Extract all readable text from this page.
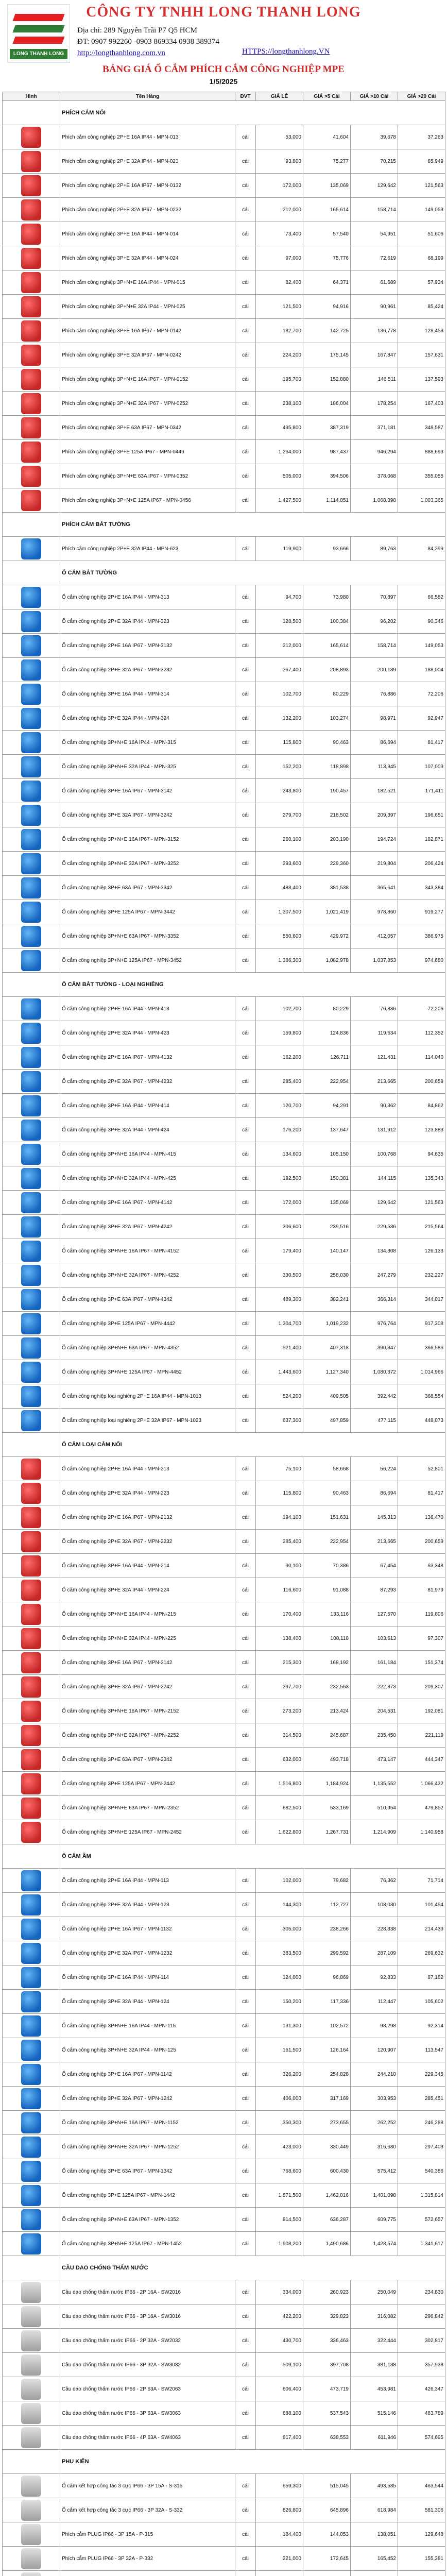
LONG THANH LONG
CÔNG TY TNHH LONG THANH LONG
Địa chỉ: 289 Nguyễn Trãi P7 Q5 HCM
ĐT: 0907 992260 -0903 869334 0938 389374
http://longthanhlong.com.vn	HTTPS://longthanhlong.VN
BẢNG GIÁ Ổ CẮM PHÍCH CẮM CÔNG NGHIỆP MPE
1/5/2025
Hình	Tên Hàng	ĐVT	GIÁ LẺ	GIÁ >5 Cái	GIÁ >10 Cái	GIÁ >20 Cái
	PHÍCH CẮM NỔI					

	Phích cắm công nghiệp 2P+E 16A IP44 - MPN-013	cái	53,000	41,604	39,678	37,263

	Phích cắm công nghiệp 2P+E 32A IP44 - MPN-023	cái	93,800	75,277	70,215	65,949

	Phích cắm công nghiệp 2P+E 16A IP67 - MPN-0132	cái	172,000	135,069	129,642	121,563

	Phích cắm công nghiệp 2P+E 32A IP67 - MPN-0232	cái	212,000	165,614	158,714	149,053

	Phích cắm công nghiệp 3P+E 16A IP44 - MPN-014	cái	73,400	57,540	54,951	51,606

	Phích cắm công nghiệp 3P+E 32A IP44 - MPN-024	cái	97,000	75,776	72,619	68,199

	Phích cắm công nghiệp 3P+N+E 16A IP44 - MPN-015	cái	82,400	64,371	61,689	57,934

	Phích cắm công nghiệp 3P+N+E 32A IP44 - MPN-025	cái	121,500	94,916	90,961	85,424

	Phích cắm công nghiệp 3P+E 16A IP67 - MPN-0142	cái	182,700	142,725	136,778	128,453

	Phích cắm công nghiệp 3P+E 32A IP67 - MPN-0242	cái	224,200	175,145	167,847	157,631

	Phích cắm công nghiệp 3P+N+E 16A IP67 - MPN-0152	cái	195,700	152,880	146,511	137,593

	Phích cắm công nghiệp 3P+N+E 32A IP67 - MPN-0252	cái	238,100	186,004	178,254	167,403

	Phích cắm công nghiệp 3P+E 63A IP67 - MPN-0342	cái	495,800	387,319	371,181	348,587

	Phích cắm công nghiệp 3P+E 125A IP67 - MPN-0446	cái	1,264,000	987,437	946,294	888,693

	Phích cắm công nghiệp 3P+N+E 63A IP67 - MPN-0352	cái	505,000	394,506	378,068	355,055

	Phích cắm công nghiệp 3P+N+E 125A IP67 - MPN-0456	cái	1,427,500	1,114,851	1,068,398	1,003,365
	PHÍCH CẮM BẮT TƯỜNG					

	Phích cắm công nghiệp 2P+E 32A IP44 - MPN-623	cái	119,900	93,666	89,763	84,299
	Ổ CẮM BẮT TƯỜNG					

	Ổ cắm công nghiệp 2P+E 16A IP44 - MPN-313	cái	94,700	73,980	70,897	66,582

	Ổ cắm công nghiệp 2P+E 32A IP44 - MPN-323	cái	128,500	100,384	96,202	90,346

	Ổ cắm công nghiệp 2P+E 16A IP67 - MPN-3132	cái	212,000	165,614	158,714	149,053

	Ổ cắm công nghiệp 2P+E 32A IP67 - MPN-3232	cái	267,400	208,893	200,189	188,004

	Ổ cắm công nghiệp 3P+E 16A IP44 - MPN-314	cái	102,700	80,229	76,886	72,206

	Ổ cắm công nghiệp 3P+E 32A IP44 - MPN-324	cái	132,200	103,274	98,971	92,947

	Ổ cắm công nghiệp 3P+N+E 16A IP44 - MPN-315	cái	115,800	90,463	86,694	81,417

	Ổ cắm công nghiệp 3P+N+E 32A IP44 - MPN-325	cái	152,200	118,898	113,945	107,009

	Ổ cắm công nghiệp 3P+E 16A IP67 - MPN-3142	cái	243,800	190,457	182,521	171,411

	Ổ cắm công nghiệp 3P+E 32A IP67 - MPN-3242	cái	279,700	218,502	209,397	196,651

	Ổ cắm công nghiệp 3P+N+E 16A IP67 - MPN-3152	cái	260,100	203,190	194,724	182,871

	Ổ cắm công nghiệp 3P+N+E 32A IP67 - MPN-3252	cái	293,600	229,360	219,804	206,424

	Ổ cắm công nghiệp 3P+E 63A IP67 - MPN-3342	cái	488,400	381,538	365,641	343,384

	Ổ cắm công nghiệp 3P+E 125A IP67 - MPN-3442	cái	1,307,500	1,021,419	978,860	919,277

	Ổ cắm công nghiệp 3P+N+E 63A IP67 - MPN-3352	cái	550,600	429,972	412,057	386,975

	Ổ cắm công nghiệp 3P+N+E 125A IP67 - MPN-3452	cái	1,386,300	1,082,978	1,037,853	974,680
	Ổ CẮM BẮT TƯỜNG - LOẠI NGHIÊNG					

	Ổ cắm công nghiệp 2P+E 16A IP44 - MPN-413	cái	102,700	80,229	76,886	72,206

	Ổ cắm công nghiệp 2P+E 32A IP44 - MPN-423	cái	159,800	124,836	119,634	112,352

	Ổ cắm công nghiệp 2P+E 16A IP67 - MPN-4132	cái	162,200	126,711	121,431	114,040

	Ổ cắm công nghiệp 2P+E 32A IP67 - MPN-4232	cái	285,400	222,954	213,665	200,659

	Ổ cắm công nghiệp 3P+E 16A IP44 - MPN-414	cái	120,700	94,291	90,362	84,862

	Ổ cắm công nghiệp 3P+E 32A IP44 - MPN-424	cái	176,200	137,647	131,912	123,883

	Ổ cắm công nghiệp 3P+N+E 16A IP44 - MPN-415	cái	134,600	105,150	100,768	94,635

	Ổ cắm công nghiệp 3P+N+E 32A IP44 - MPN-425	cái	192,500	150,381	144,115	135,343

	Ổ cắm công nghiệp 3P+E 16A IP67 - MPN-4142	cái	172,000	135,069	129,642	121,563

	Ổ cắm công nghiệp 3P+E 32A IP67 - MPN-4242	cái	306,600	239,516	229,536	215,564

	Ổ cắm công nghiệp 3P+N+E 16A IP67 - MPN-4152	cái	179,400	140,147	134,308	126,133

	Ổ cắm công nghiệp 3P+N+E 32A IP67 - MPN-4252	cái	330,500	258,030	247,279	232,227

	Ổ cắm công nghiệp 3P+E 63A IP67 - MPN-4342	cái	489,300	382,241	366,314	344,017

	Ổ cắm công nghiệp 3P+E 125A IP67 - MPN-4442	cái	1,304,700	1,019,232	976,764	917,308

	Ổ cắm công nghiệp 3P+N+E 63A IP67 - MPN-4352	cái	521,400	407,318	390,347	366,586

	Ổ cắm công nghiệp 3P+N+E 125A IP67 - MPN-4452	cái	1,443,600	1,127,340	1,080,372	1,014,966

	Ổ cắm công nghiệp loại nghiêng 2P+E 16A IP44 - MPN-1013	cái	524,200	409,505	392,442	368,554

	Ổ cắm công nghiệp loại nghiêng 2P+E 32A IP67 - MPN-1023	cái	637,300	497,859	477,115	448,073
	Ổ CẮM LOẠI CẮM NỐI					

	Ổ cắm công nghiệp 2P+E 16A IP44 - MPN-213	cái	75,100	58,668	56,224	52,801

	Ổ cắm công nghiệp 2P+E 32A IP44 - MPN-223	cái	115,800	90,463	86,694	81,417

	Ổ cắm công nghiệp 2P+E 16A IP67 - MPN-2132	cái	194,100	151,631	145,313	136,470

	Ổ cắm công nghiệp 2P+E 32A IP67 - MPN-2232	cái	285,400	222,954	213,665	200,659

	Ổ cắm công nghiệp 3P+E 16A IP44 - MPN-214	cái	90,100	70,386	67,454	63,348

	Ổ cắm công nghiệp 3P+E 32A IP44 - MPN-224	cái	116,600	91,088	87,293	81,979

	Ổ cắm công nghiệp 3P+N+E 16A IP44 - MPN-215	cái	170,400	133,116	127,570	119,806

	Ổ cắm công nghiệp 3P+N+E 32A IP44 - MPN-225	cái	138,400	108,118	103,613	97,307

	Ổ cắm công nghiệp 3P+E 16A IP67 - MPN-2142	cái	215,300	168,192	161,184	151,374

	Ổ cắm công nghiệp 3P+E 32A IP67 - MPN-2242	cái	297,700	232,563	222,873	209,307

	Ổ cắm công nghiệp 3P+N+E 16A IP67 - MPN-2152	cái	273,200	213,424	204,531	192,081

	Ổ cắm công nghiệp 3P+N+E 32A IP67 - MPN-2252	cái	314,500	245,687	235,450	221,119

	Ổ cắm công nghiệp 3P+E 63A IP67 - MPN-2342	cái	632,000	493,718	473,147	444,347

	Ổ cắm công nghiệp 3P+E 125A IP67 - MPN-2442	cái	1,516,800	1,184,924	1,135,552	1,066,432

	Ổ cắm công nghiệp 3P+N+E 63A IP67 - MPN-2352	cái	682,500	533,169	510,954	479,852

	Ổ cắm công nghiệp 3P+N+E 125A IP67 - MPN-2452	cái	1,622,800	1,267,731	1,214,909	1,140,958
	Ổ CẮM ÂM					

	Ổ cắm công nghiệp 2P+E 16A IP44 - MPN-113	cái	102,000	79,682	76,362	71,714

	Ổ cắm công nghiệp 2P+E 32A IP44 - MPN-123	cái	144,300	112,727	108,030	101,454

	Ổ cắm công nghiệp 2P+E 16A IP67 - MPN-1132	cái	305,000	238,266	228,338	214,439

	Ổ cắm công nghiệp 2P+E 32A IP67 - MPN-1232	cái	383,500	299,592	287,109	269,632

	Ổ cắm công nghiệp 3P+E 16A IP44 - MPN-114	cái	124,000	96,869	92,833	87,182

	Ổ cắm công nghiệp 3P+E 32A IP44 - MPN-124	cái	150,200	117,336	112,447	105,602

	Ổ cắm công nghiệp 3P+N+E 16A IP44 - MPN-115	cái	131,300	102,572	98,298	92,314

	Ổ cắm công nghiệp 3P+N+E 32A IP44 - MPN-125	cái	161,500	126,164	120,907	113,547

	Ổ cắm công nghiệp 3P+E 16A IP67 - MPN-1142	cái	326,200	254,828	244,210	229,345

	Ổ cắm công nghiệp 3P+E 32A IP67 - MPN-1242	cái	406,000	317,169	303,953	285,451

	Ổ cắm công nghiệp 3P+N+E 16A IP67 - MPN-1152	cái	350,300	273,655	262,252	246,288

	Ổ cắm công nghiệp 3P+N+E 32A IP67 - MPN-1252	cái	423,000	330,449	316,680	297,403

	Ổ cắm công nghiệp 3P+E 63A IP67 - MPN-1342	cái	768,600	600,430	575,412	540,386

	Ổ cắm công nghiệp 3P+E 125A IP67 - MPN-1442	cái	1,871,500	1,462,016	1,401,098	1,315,814

	Ổ cắm công nghiệp 3P+N+E 63A IP67 - MPN-1352	cái	814,500	636,287	609,775	572,657

	Ổ cắm công nghiệp 3P+N+E 125A IP67 - MPN-1452	cái	1,908,200	1,490,686	1,428,574	1,341,617
	CẦU DAO CHỐNG THẤM NƯỚC					

	Cầu dao chống thấm nước IP66 - 2P 16A - SW2016	cái	334,000	260,923	250,049	234,830

	Cầu dao chống thấm nước IP66 - 3P 16A - SW3016	cái	422,200	329,823	316,082	296,842

	Cầu dao chống thấm nước IP66 - 2P 32A - SW2032	cái	430,700	336,463	322,444	302,817

	Cầu dao chống thấm nước IP66 - 3P 32A - SW3032	cái	509,100	397,708	381,138	357,938

	Cầu dao chống thấm nước IP66 - 2P 63A - SW2063	cái	606,400	473,719	453,981	426,347

	Cầu dao chống thấm nước IP66 - 3P 63A - SW3063	cái	688,100	537,543	515,146	483,789

	Cầu dao chống thấm nước IP66 - 4P 63A - SW4063	cái	817,400	638,553	611,946	574,695
	PHỤ KIỆN					

	Ổ cắm kết hợp công tắc 3 cực IP66 - 3P 15A - S-315	cái	659,300	515,045	493,585	463,544

	Ổ cắm kết hợp công tắc 3 cực IP66 - 3P 32A - S-332	cái	826,800	645,896	618,984	581,306

	Phích cắm PLUG IP66 - 3P 15A - P-315	cái	184,400	144,053	138,051	129,648

	Phích cắm PLUG IP66 - 3P 32A - P-332	cái	221,000	172,645	165,452	155,381
